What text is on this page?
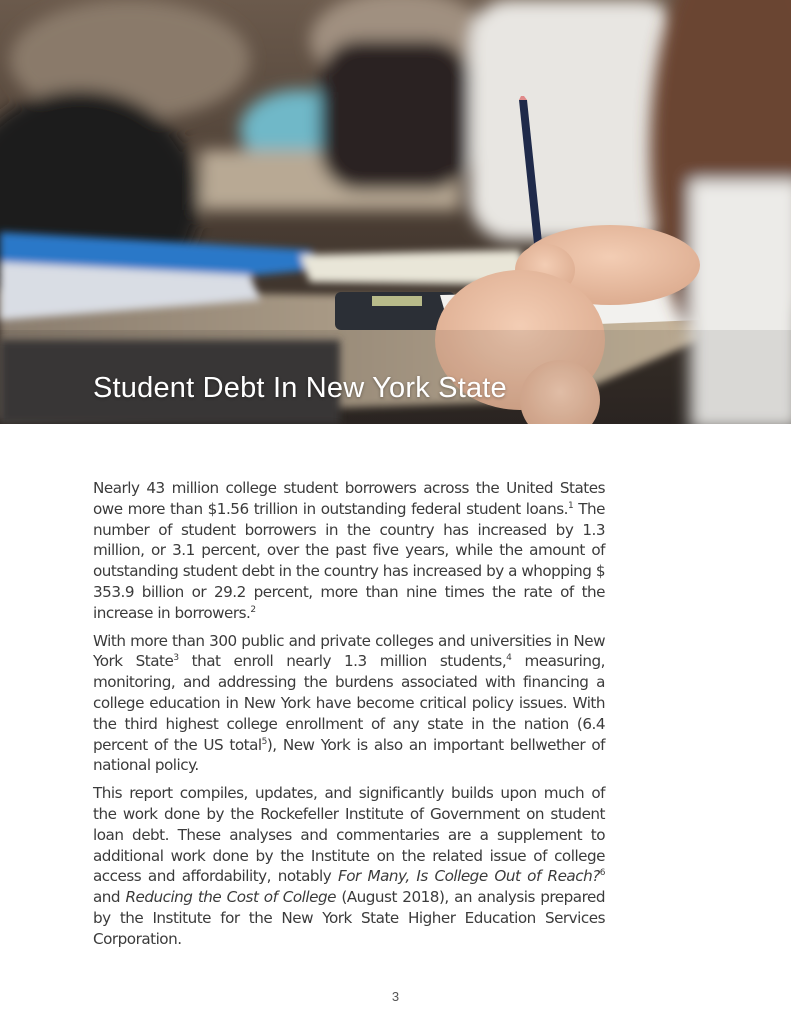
Student Debt In New York State

Nearly 43 million college student borrowers across the United States owe more than $1.56 trillion in outstanding federal student loans.$^1$ The number of student borrowers in the country has increased by 1.3 million, or 3.1 percent, over the past five years, while the amount of outstanding student debt in the country has increased by a whopping $ 353.9 billion or 29.2 percent, more than nine times the rate of the increase in borrowers.$^2$

With more than 300 public and private colleges and universities in New York State$^3$ that enroll nearly 1.3 million students,$^4$ measuring, monitoring, and addressing the burdens associated with financing a college education in New York have become critical policy issues. With the third highest college enrollment of any state in the nation (6.4 percent of the US total$^5$), New York is also an important bellwether of national policy.

This report compiles, updates, and significantly builds upon much of the work done by the Rockefeller Institute of Government on student loan debt. These analyses and commentaries are a supplement to additional work done by the Institute on the related issue of college access and affordability, notably For Many, Is College Out of Reach?$^6$ and Reducing the Cost of College (August 2018), an analysis prepared by the Institute for the New York State Higher Education Services Corporation.

3
